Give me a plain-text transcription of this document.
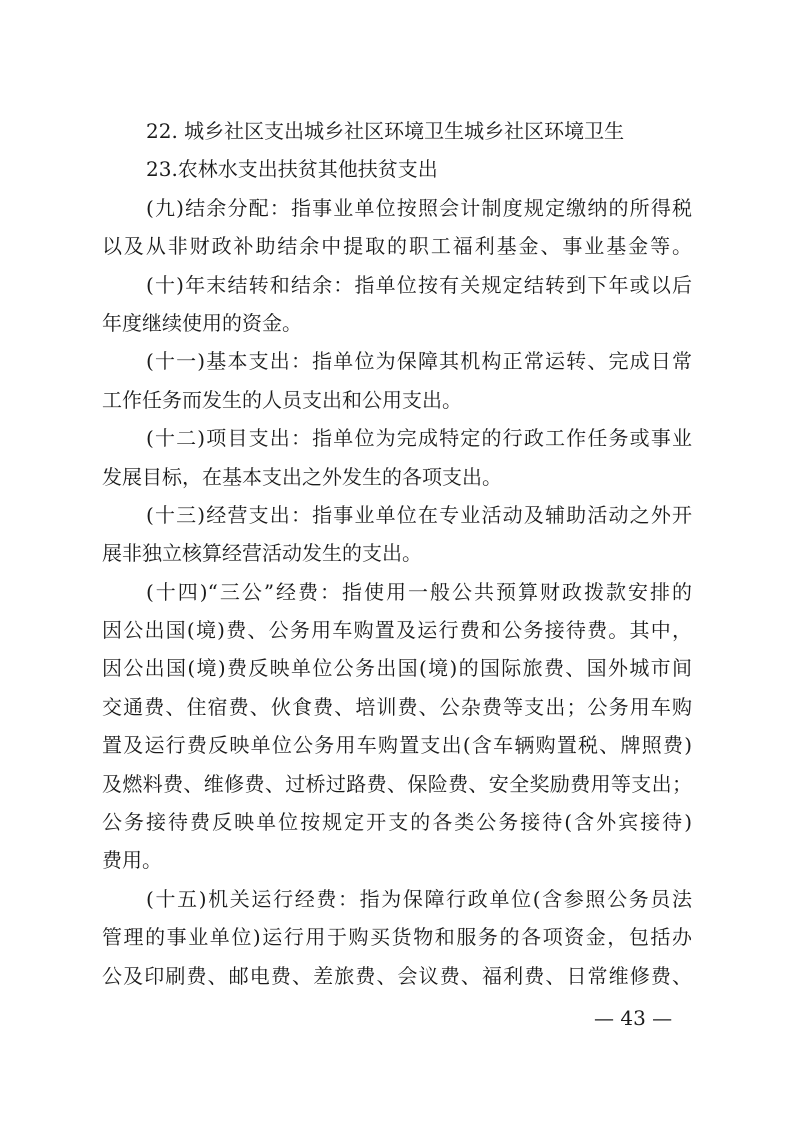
22. 城乡社区支出城乡社区环境卫生城乡社区环境卫生
23.农林水支出扶贫其他扶贫支出
(九)结余分配：指事业单位按照会计制度规定缴纳的所得税
以及从非财政补助结余中提取的职工福利基金、事业基金等。
(十)年末结转和结余：指单位按有关规定结转到下年或以后
年度继续使用的资金。
(十一)基本支出：指单位为保障其机构正常运转、完成日常
工作任务而发生的人员支出和公用支出。
(十二)项目支出：指单位为完成特定的行政工作任务或事业
发展目标，在基本支出之外发生的各项支出。
(十三)经营支出：指事业单位在专业活动及辅助活动之外开
展非独立核算经营活动发生的支出。
(十四)“三公”经费：指使用一般公共预算财政拨款安排的
因公出国(境)费、公务用车购置及运行费和公务接待费。其中，
因公出国(境)费反映单位公务出国(境)的国际旅费、国外城市间
交通费、住宿费、伙食费、培训费、公杂费等支出；公务用车购
置及运行费反映单位公务用车购置支出(含车辆购置税、牌照费)
及燃料费、维修费、过桥过路费、保险费、安全奖励费用等支出；
公务接待费反映单位按规定开支的各类公务接待(含外宾接待)
费用。
(十五)机关运行经费：指为保障行政单位(含参照公务员法
管理的事业单位)运行用于购买货物和服务的各项资金，包括办
公及印刷费、邮电费、差旅费、会议费、福利费、日常维修费、
— 43 —
